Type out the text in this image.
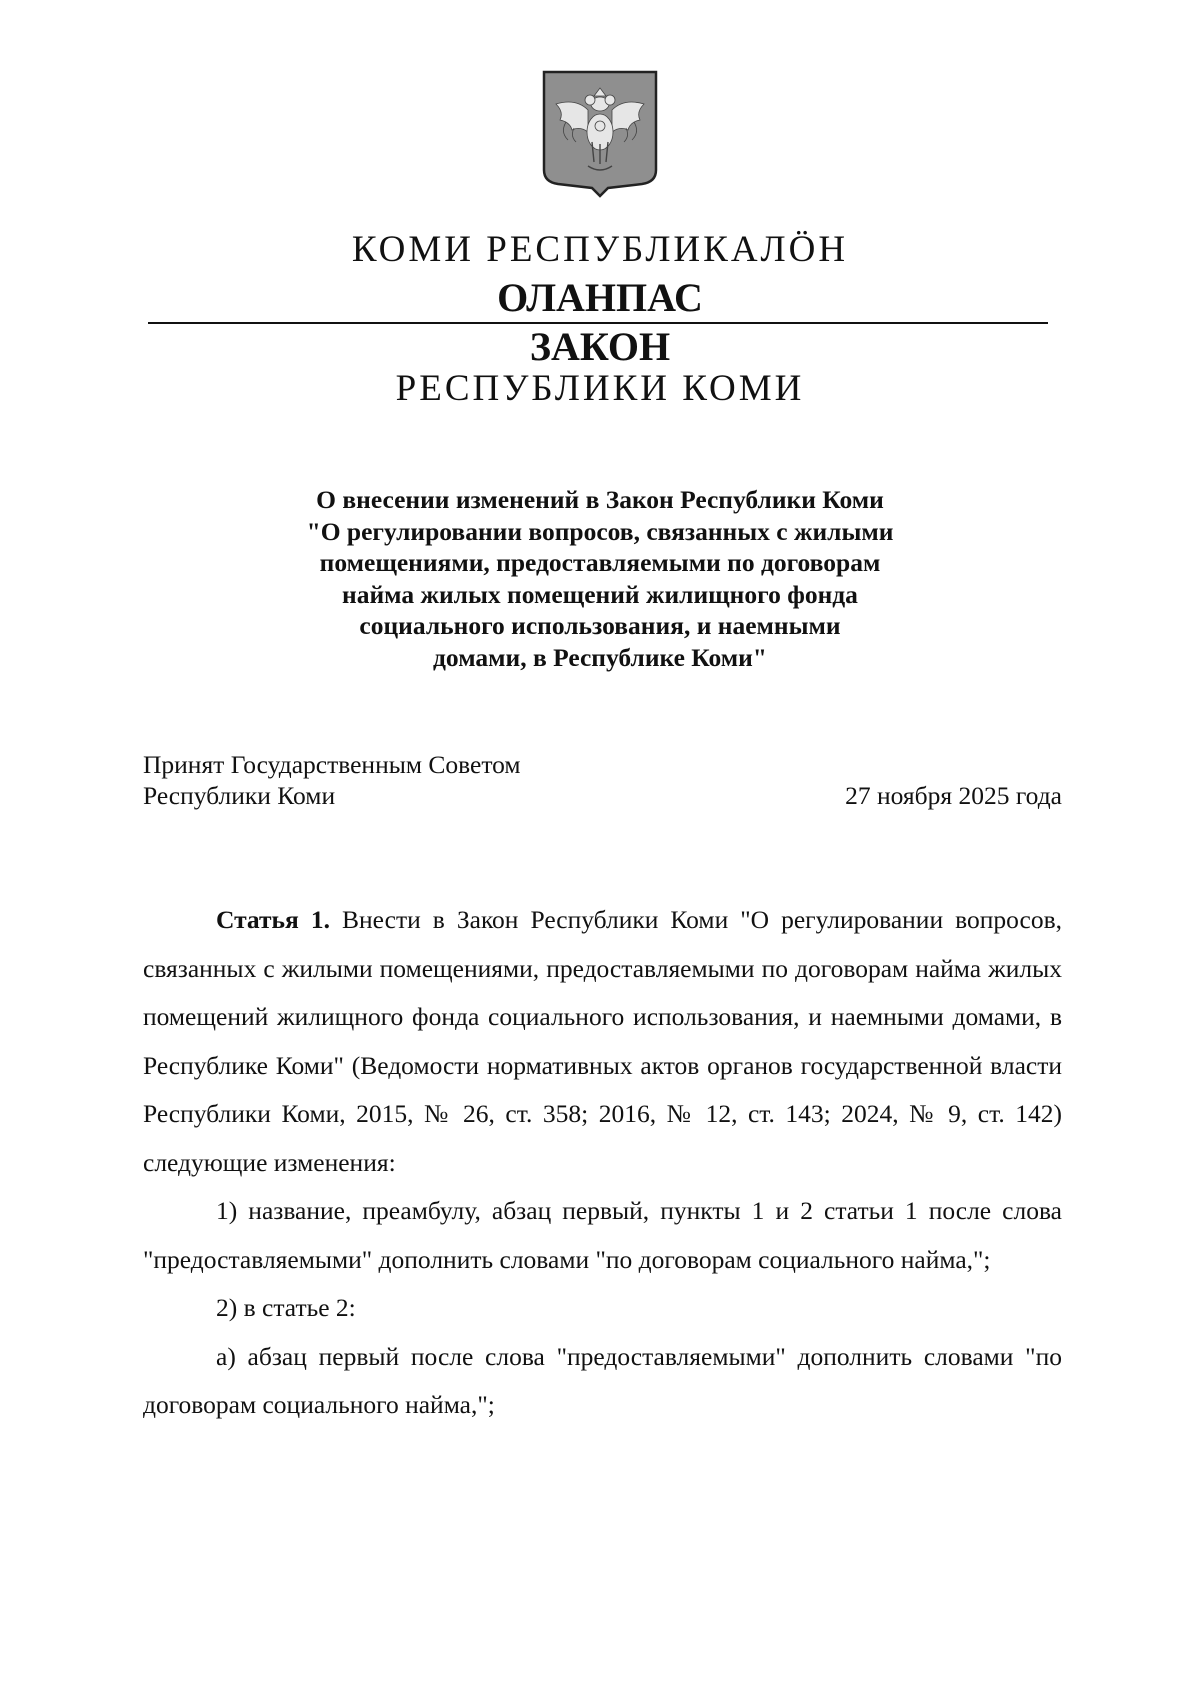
КОМИ РЕСПУБЛИКАЛӦН
ОЛАНПАС
ЗАКОН
РЕСПУБЛИКИ КОМИ
О внесении изменений в Закон Республики Коми
"О регулировании вопросов, связанных с жилыми
помещениями, предоставляемыми по договорам
найма жилых помещений жилищного фонда
социального использования, и наемными
домами, в Республике Коми"
Принят Государственным Советом
Республики Коми	27 ноября 2025 года

Статья 1. Внести в Закон Республики Коми "О регулировании вопросов, связанных с жилыми помещениями, предоставляемыми по договорам найма жилых помещений жилищного фонда социального использования, и наемными домами, в Республике Коми" (Ведомости нормативных актов органов государственной власти Республики Коми, 2015, № 26, ст. 358; 2016, № 12, ст. 143; 2024, № 9, ст. 142) следующие изменения:

1) название, преамбулу, абзац первый, пункты 1 и 2 статьи 1 после слова "предоставляемыми" дополнить словами "по договорам социального найма,";

2) в статье 2:

а) абзац первый после слова "предоставляемыми" дополнить словами "по договорам социального найма,";
